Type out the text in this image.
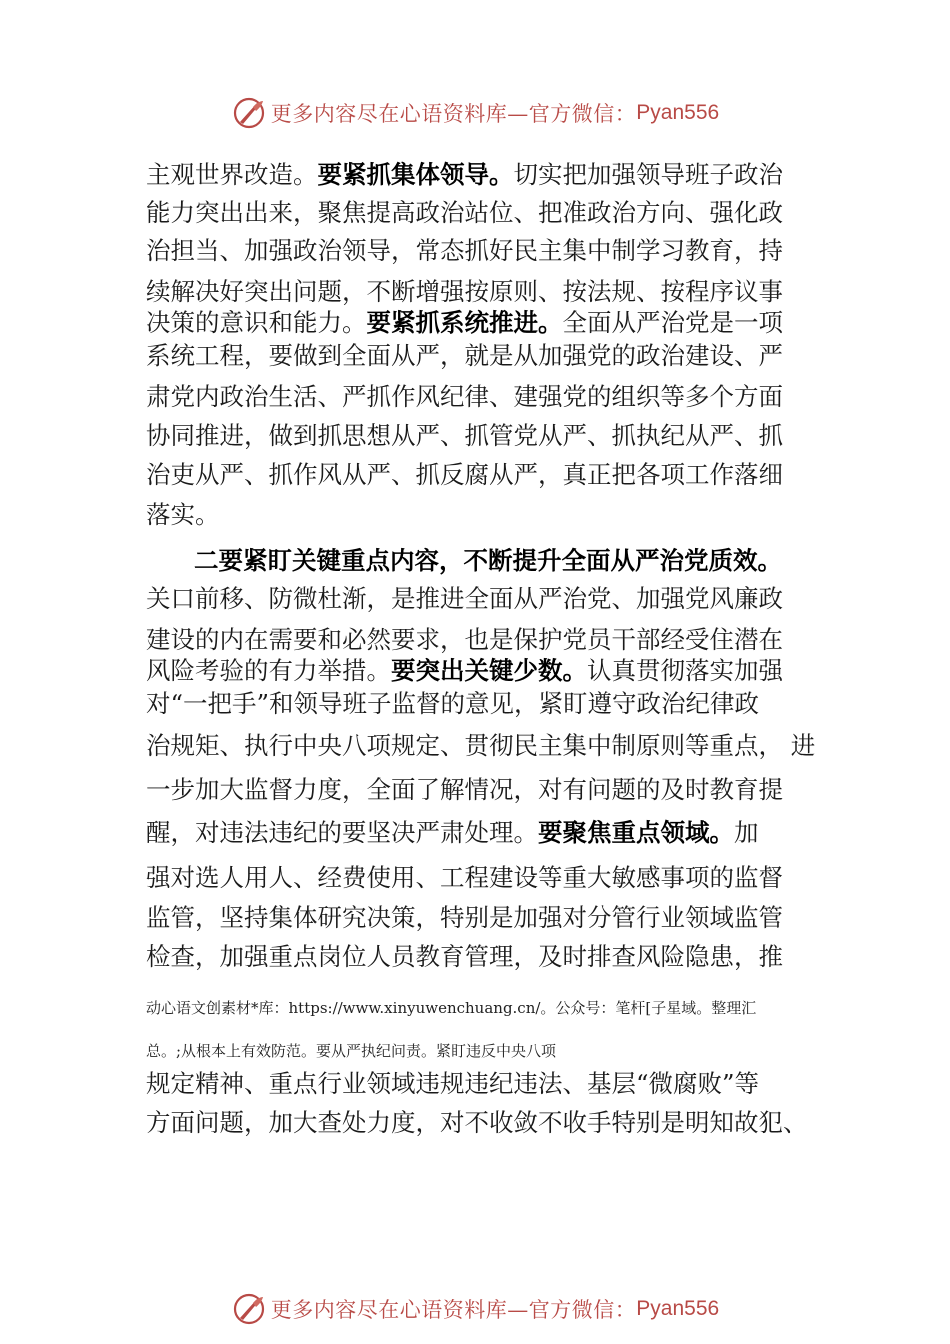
更多内容尽在心语资料库—官方微信： Pyan556

主观世界改造。要紧抓集体领导。切实把加强领导班子政治

能力突出出来，聚焦提高政治站位、把准政治方向、强化政

治担当、加强政治领导，常态抓好民主集中制学习教育，持

续解决好突出问题，不断增强按原则、按法规、按程序议事

决策的意识和能力。要紧抓系统推进。全面从严治党是一项

系统工程，要做到全面从严，就是从加强党的政治建设、严

肃党内政治生活、严抓作风纪律、建强党的组织等多个方面

协同推进，做到抓思想从严、抓管党从严、抓执纪从严、抓

治吏从严、抓作风从严、抓反腐从严，真正把各项工作落细

落实。

二要紧盯关键重点内容，不断提升全面从严治党质效。

关口前移、防微杜渐，是推进全面从严治党、加强党风廉政

建设的内在需要和必然要求，也是保护党员干部经受住潜在

风险考验的有力举措。要突出关键少数。认真贯彻落实加强

对“一把手”和领导班子监督的意见，紧盯遵守政治纪律政

治规矩、执行中央八项规定、贯彻民主集中制原则等重点， 进

一步加大监督力度，全面了解情况，对有问题的及时教育提

醒，对违法违纪的要坚决严肃处理。要聚焦重点领域。加

强对选人用人、经费使用、工程建设等重大敏感事项的监督

监管，坚持集体研究决策，特别是加强对分管行业领域监管

检查，加强重点岗位人员教育管理，及时排查风险隐患，推

动心语文创素材*库：https://www.xinyuwenchuang.cn/。公众号：笔杆[子星域。整理汇

总。;从根本上有效防范。要从严执纪问责。紧盯违反中央八项

规定精神、重点行业领域违规违纪违法、基层“微腐败”等

方面问题，加大查处力度，对不收敛不收手特别是明知故犯、

更多内容尽在心语资料库—官方微信： Pyan556
